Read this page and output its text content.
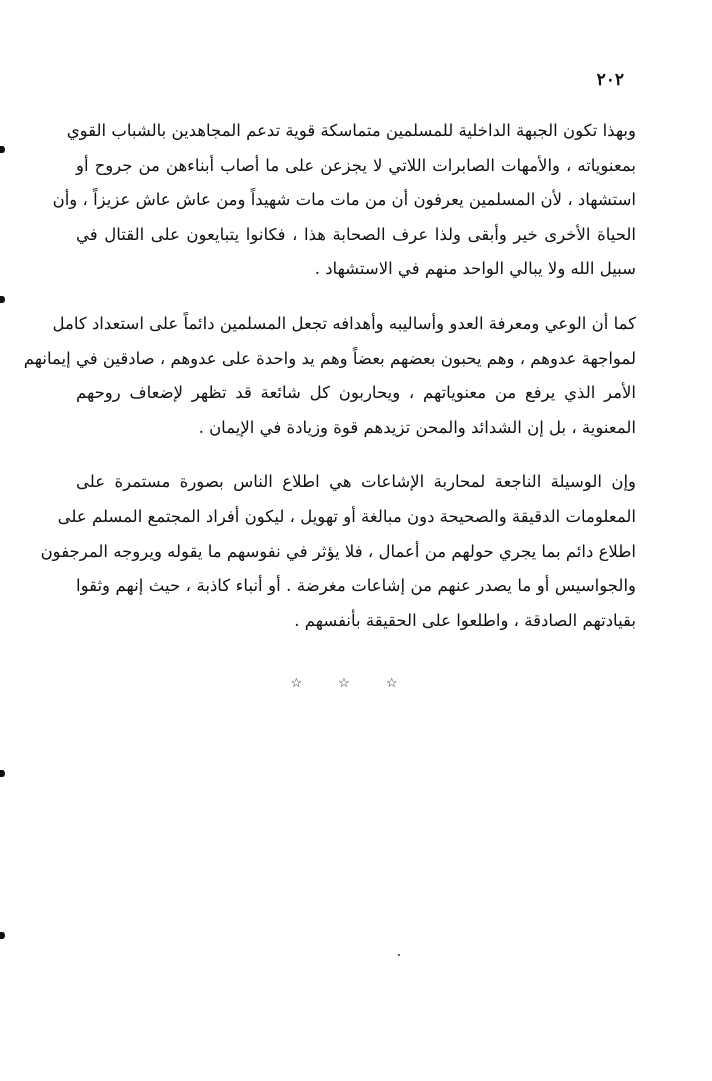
٢٠٢

وبهذا تكون الجبهة الداخلية للمسلمين متماسكة قوية تدعم المجاهدين بالشباب القوي
بمعنوياته ، والأمهات الصابرات اللاتي لا يجزعن على ما أصاب أبناءهن من جروح أو
استشهاد ، لأن المسلمين يعرفون أن من مات مات شهيداً ومن عاش عاش عزيزاً ، وأن
الحياة الأخرى خير وأبقى ولذا عرف الصحابة هذا ، فكانوا يتبايعون على القتال في
سبيل الله ولا يبالي الواحد منهم في الاستشهاد .

كما أن الوعي ومعرفة العدو وأساليبه وأهدافه تجعل المسلمين دائماً على استعداد كامل
لمواجهة عدوهم ، وهم يحبون بعضهم بعضاً وهم يد واحدة على عدوهم ، صادقين في إيمانهم
الأمر الذي يرفع من معنوياتهم ، ويحاربون كل شائعة قد تظهر لإضعاف روحهم
المعنوية ، بل إن الشدائد والمحن تزيدهم قوة وزيادة في الإيمان .

وإن الوسيلة الناجعة لمحاربة الإشاعات هي اطلاع الناس بصورة مستمرة على
المعلومات الدقيقة والصحيحة دون مبالغة أو تهويل ، ليكون أفراد المجتمع المسلم على
اطلاع دائم بما يجري حولهم من أعمال ، فلا يؤثر في نفوسهم ما يقوله ويروجه المرجفون
والجواسيس أو ما يصدر عنهم من إشاعات مغرضة . أو أنباء كاذبة ، حيث إنهم وثقوا
بقيادتهم الصادقة ، واطلعوا على الحقيقة بأنفسهم .

☆ ☆ ☆
